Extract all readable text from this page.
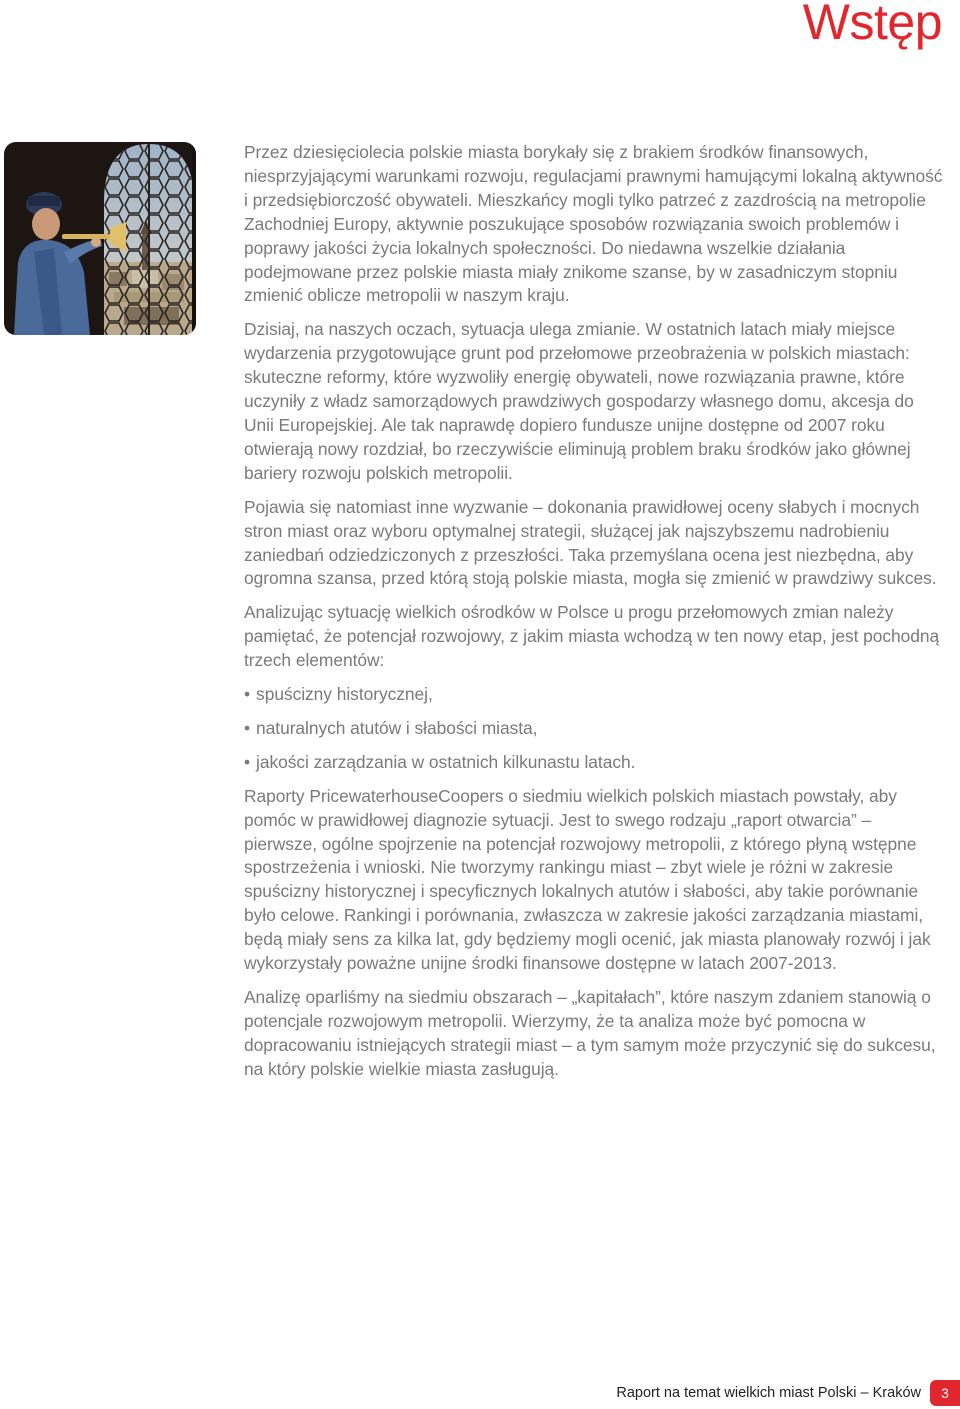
Wstęp

Przez dziesięciolecia polskie miasta borykały się z brakiem środków finansowych, niesprzyjającymi warunkami rozwoju, regulacjami prawnymi hamującymi lokalną aktywność i przedsiębiorczość obywateli. Mieszkańcy mogli tylko patrzeć z zazdrością na metropolie Zachodniej Europy, aktywnie poszukujące sposobów rozwiązania swoich problemów i poprawy jakości życia lokalnych społeczności. Do niedawna wszelkie działania podejmowane przez polskie miasta miały znikome szanse, by w zasadniczym stopniu zmienić oblicze metropolii w naszym kraju.

Dzisiaj, na naszych oczach, sytuacja ulega zmianie. W ostatnich latach miały miejsce wydarzenia przygotowujące grunt pod przełomowe przeobrażenia w polskich miastach: skuteczne reformy, które wyzwoliły energię obywateli, nowe rozwiązania prawne, które uczyniły z władz samorządowych prawdziwych gospodarzy własnego domu, akcesja do Unii Europejskiej. Ale tak naprawdę dopiero fundusze unijne dostępne od 2007 roku otwierają nowy rozdział, bo rzeczywiście eliminują problem braku środków jako głównej bariery rozwoju polskich metropolii.

Pojawia się natomiast inne wyzwanie – dokonania prawidłowej oceny słabych i mocnych stron miast oraz wyboru optymalnej strategii, służącej jak najszybszemu nadrobieniu zaniedbań odziedziczonych z przeszłości. Taka przemyślana ocena jest niezbędna, aby ogromna szansa, przed którą stoją polskie miasta, mogła się zmienić w prawdziwy sukces.

Analizując sytuację wielkich ośrodków w Polsce u progu przełomowych zmian należy pamiętać, że potencjał rozwojowy, z jakim miasta wchodzą w ten nowy etap, jest pochodną trzech elementów:

• spuścizny historycznej,
• naturalnych atutów i słabości miasta,
• jakości zarządzania w ostatnich kilkunastu latach.

Raporty PricewaterhouseCoopers o siedmiu wielkich polskich miastach powstały, aby pomóc w prawidłowej diagnozie sytuacji. Jest to swego rodzaju „raport otwarcia” – pierwsze, ogólne spojrzenie na potencjał rozwojowy metropolii, z którego płyną wstępne spostrzeżenia i wnioski. Nie tworzymy rankingu miast – zbyt wiele je różni w zakresie spuścizny historycznej i specyficznych lokalnych atutów i słabości, aby takie porównanie było celowe. Rankingi i porównania, zwłaszcza w zakresie jakości zarządzania miastami, będą miały sens za kilka lat, gdy będziemy mogli ocenić, jak miasta planowały rozwój i jak wykorzystały poważne unijne środki finansowe dostępne w latach 2007-2013.

Analizę oparliśmy na siedmiu obszarach – „kapitałach”, które naszym zdaniem stanowią o potencjale rozwojowym metropolii. Wierzymy, że ta analiza może być pomocna w dopracowaniu istniejących strategii miast – a tym samym może przyczynić się do sukcesu, na który polskie wielkie miasta zasługują.

Raport na temat wielkich miast Polski – Kraków	3
